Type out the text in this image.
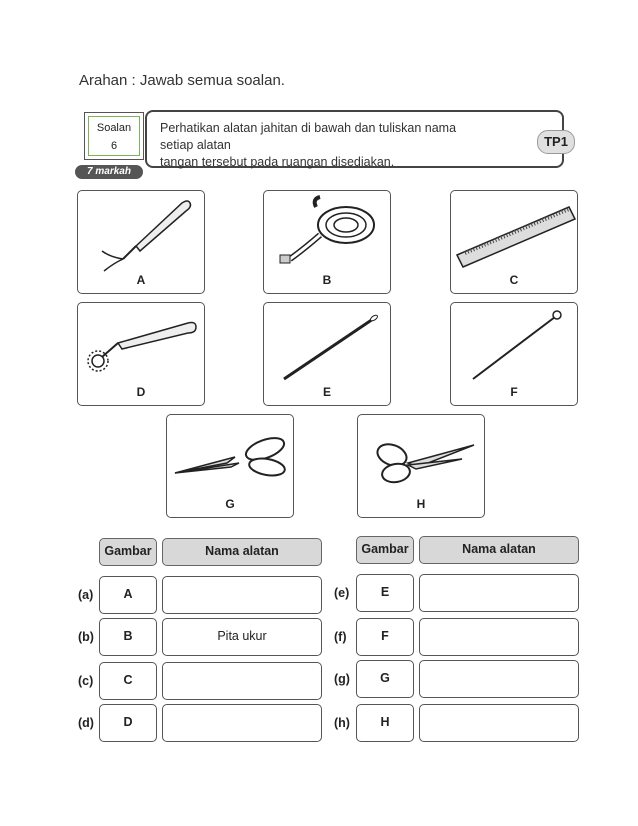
Arahan : Jawab semua soalan.
Soalan
6
Perhatikan alatan jahitan di bawah dan tuliskan nama setiap alatan
tangan tersebut pada ruangan disediakan.
TP1
7 markah
A	B	C
D	E	F
G	H
Gambar	Nama alatan
(a)	A
(b)	B	Pita ukur
(c)	C
(d)	D
Gambar	Nama alatan
(e)	E
(f)	F
(g)	G
(h)	H
